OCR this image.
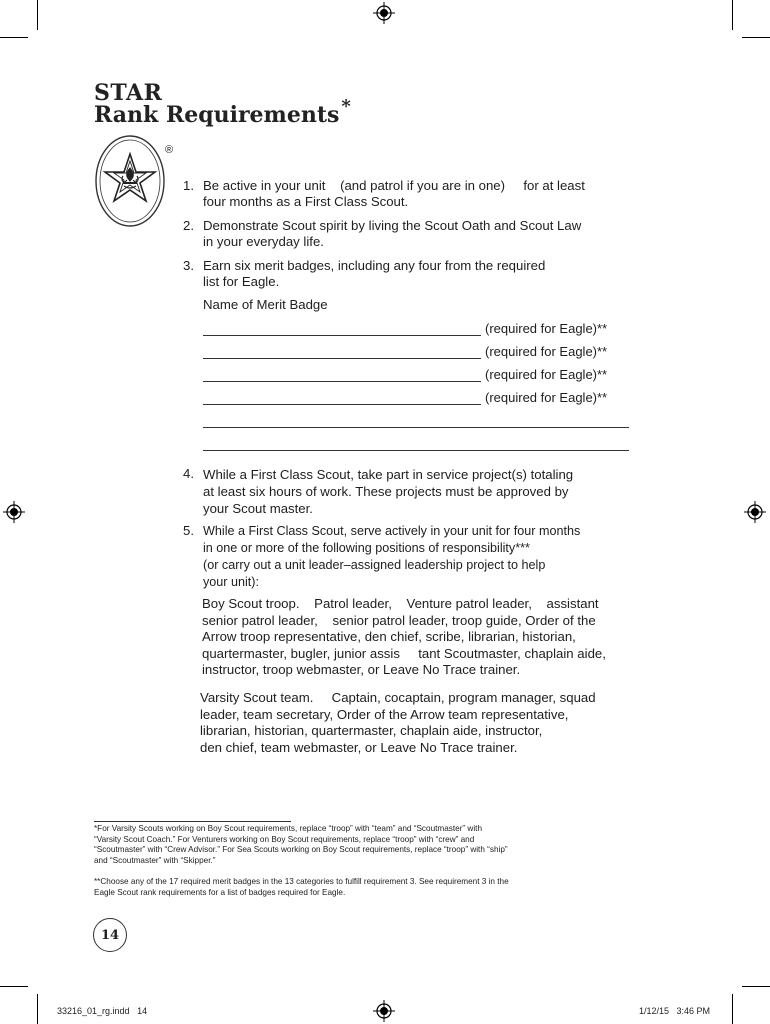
STAR
Rank Requirements *
®
1. Be active in your unit    (and patrol if you are in one)     for at least
four months as a First Class Scout.
2. Demonstrate Scout spirit by living the Scout Oath and Scout Law
in your everyday life.
3. Earn six merit badges, including any four from the required
list for Eagle.
Name of Merit Badge
(required for Eagle)**
(required for Eagle)**
(required for Eagle)**
(required for Eagle)**
4. While a First Class Scout, take part in service project(s) totaling
at least six hours of work. These projects must be approved by
your Scout master.
5. While a First Class Scout, serve actively in your unit for four months
in one or more of the following positions of responsibility***
(or carry out a unit leader–assigned leadership project to help
your unit):
Boy Scout troop.    Patrol leader,    Venture patrol leader,    assistant
senior patrol leader,    senior patrol leader, troop guide, Order of the
Arrow troop representative, den chief, scribe, librarian, historian,
quartermaster, bugler, junior assis     tant Scoutmaster, chaplain aide,
instructor, troop webmaster, or Leave No Trace trainer.
Varsity Scout team.     Captain, cocaptain, program manager, squad
leader, team secretary, Order of the Arrow team representative,
librarian, historian, quartermaster, chaplain aide, instructor,
den chief, team webmaster, or Leave No Trace trainer.
*For Varsity Scouts working on Boy Scout requirements, replace “troop” with “team” and “Scoutmaster” with
“Varsity Scout Coach.” For Venturers working on Boy Scout requirements, replace “troop” with “crew” and
“Scoutmaster” with “Crew Advisor.” For Sea Scouts working on Boy Scout requirements, replace “troop” with “ship”
and “Scoutmaster” with “Skipper.”
**Choose any of the 17 required merit badges in the 13 categories to fulfill requirement 3. See requirement 3 in the
Eagle Scout rank requirements for a list of badges required for Eagle.
14
33216_01_rg.indd   14	1/12/15   3:46 PM
